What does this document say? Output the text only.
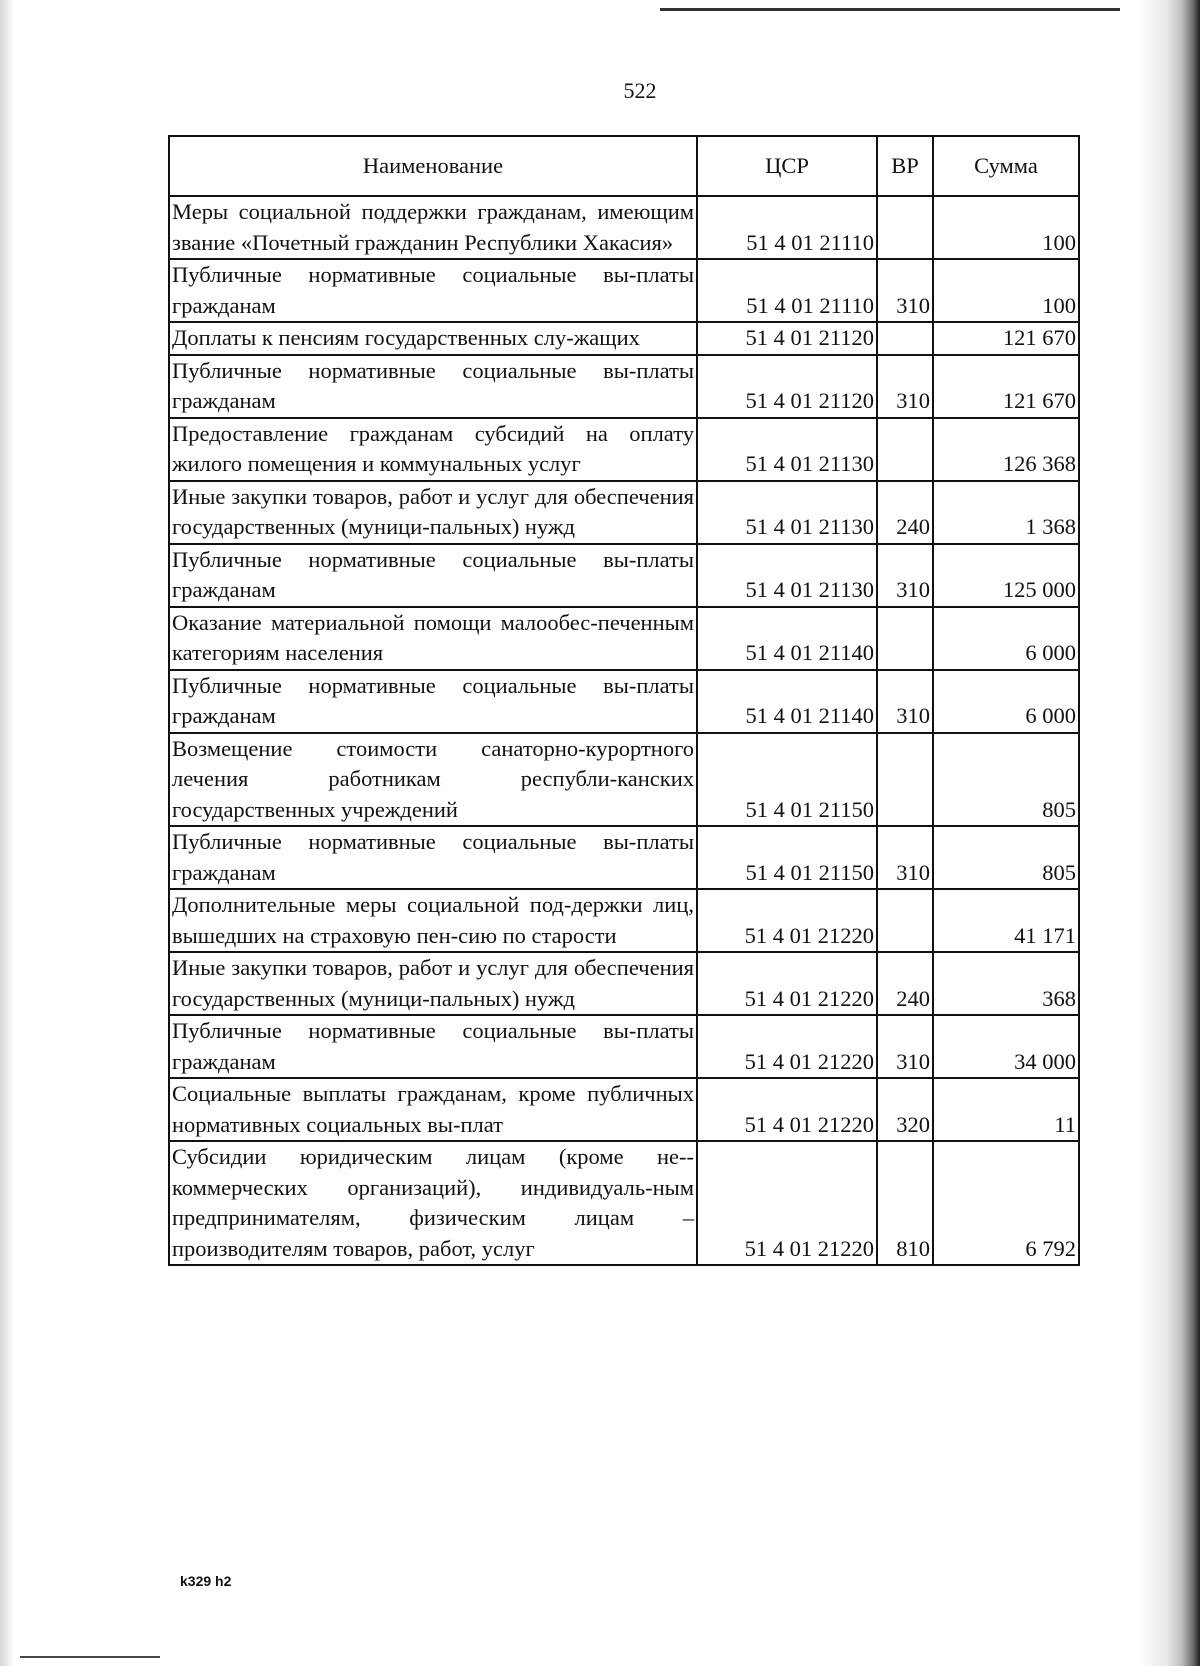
522
Наименование	ЦСР	ВР	Сумма
Меры социальной поддержки гражданам, имеющим звание «Почетный гражданин Республики Хакасия»	51 4 01 21110		100
Публичные нормативные социальные вы-платы гражданам	51 4 01 21110	310	100
Доплаты к пенсиям государственных слу-жащих	51 4 01 21120		121 670
Публичные нормативные социальные вы-платы гражданам	51 4 01 21120	310	121 670
Предоставление гражданам субсидий на оплату жилого помещения и коммунальных услуг	51 4 01 21130		126 368
Иные закупки товаров, работ и услуг для обеспечения государственных (муници-пальных) нужд	51 4 01 21130	240	1 368
Публичные нормативные социальные вы-платы гражданам	51 4 01 21130	310	125 000
Оказание материальной помощи малообес-печенным категориям населения	51 4 01 21140		6 000
Публичные нормативные социальные вы-платы гражданам	51 4 01 21140	310	6 000
Возмещение стоимости санаторно-курортного лечения работникам республи-канских государственных учреждений	51 4 01 21150		805
Публичные нормативные социальные вы-платы гражданам	51 4 01 21150	310	805
Дополнительные меры социальной под-держки лиц, вышедших на страховую пен-сию по старости	51 4 01 21220		41 171
Иные закупки товаров, работ и услуг для обеспечения государственных (муници-пальных) нужд	51 4 01 21220	240	368
Публичные нормативные социальные вы-платы гражданам	51 4 01 21220	310	34 000
Социальные выплаты гражданам, кроме публичных нормативных социальных вы-плат	51 4 01 21220	320	11
Субсидии юридическим лицам (кроме не-коммерческих организаций), индивидуаль-ным предпринимателям, физическим лицам – производителям товаров, работ, услуг	51 4 01 21220	810	6 792
k329 h2
